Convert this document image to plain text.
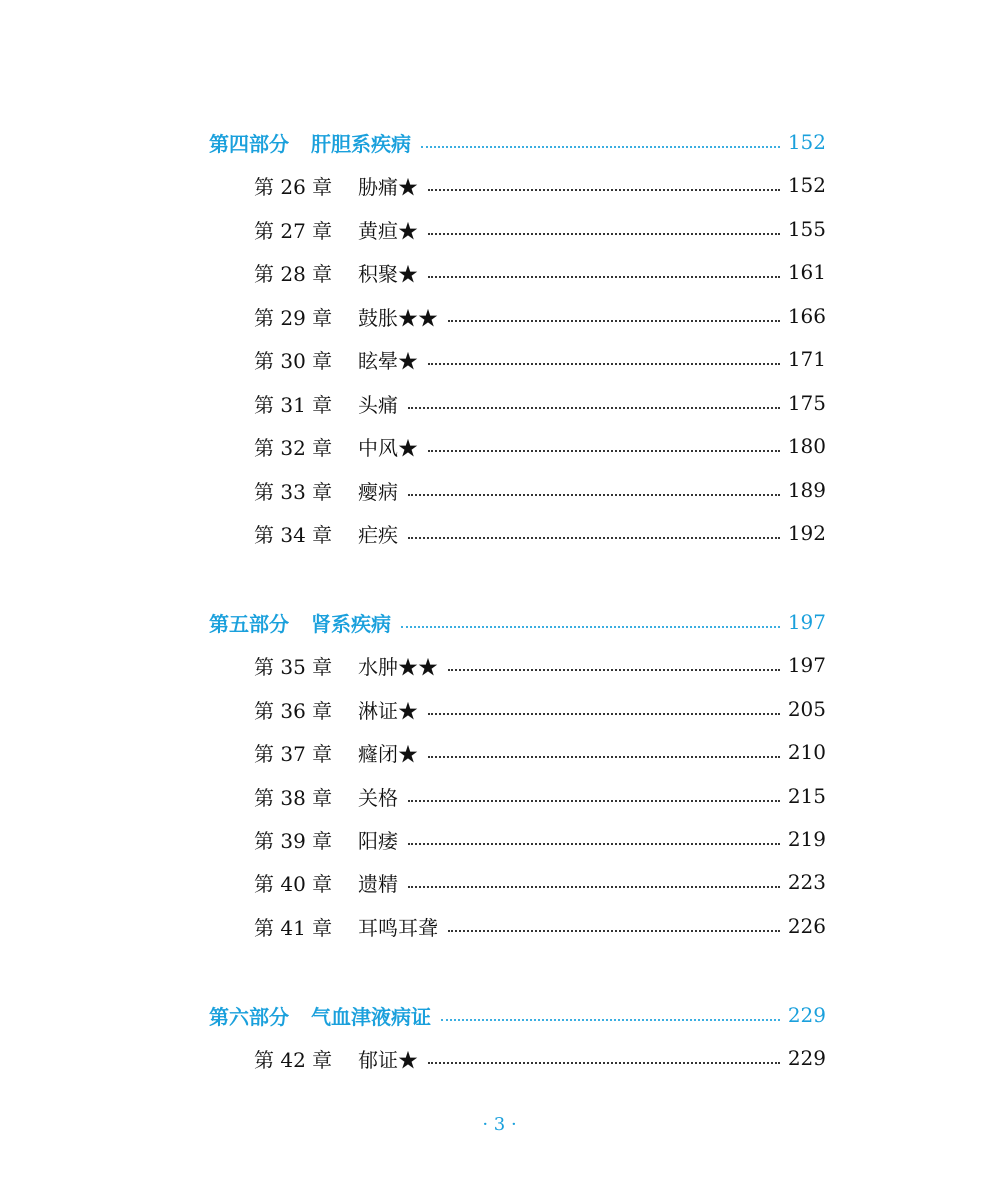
第四部分 肝胆系疾病	152
第 26 章 胁痛★	152
第 27 章 黄疸★	155
第 28 章 积聚★	161
第 29 章 鼓胀★★	166
第 30 章 眩晕★	171
第 31 章 头痛	175
第 32 章 中风★	180
第 33 章 瘿病	189
第 34 章 疟疾	192
第五部分 肾系疾病	197
第 35 章 水肿★★	197
第 36 章 淋证★	205
第 37 章 癃闭★	210
第 38 章 关格	215
第 39 章 阳痿	219
第 40 章 遗精	223
第 41 章 耳鸣耳聋	226
第六部分 气血津液病证	229
第 42 章 郁证★	229
· 3 ·
